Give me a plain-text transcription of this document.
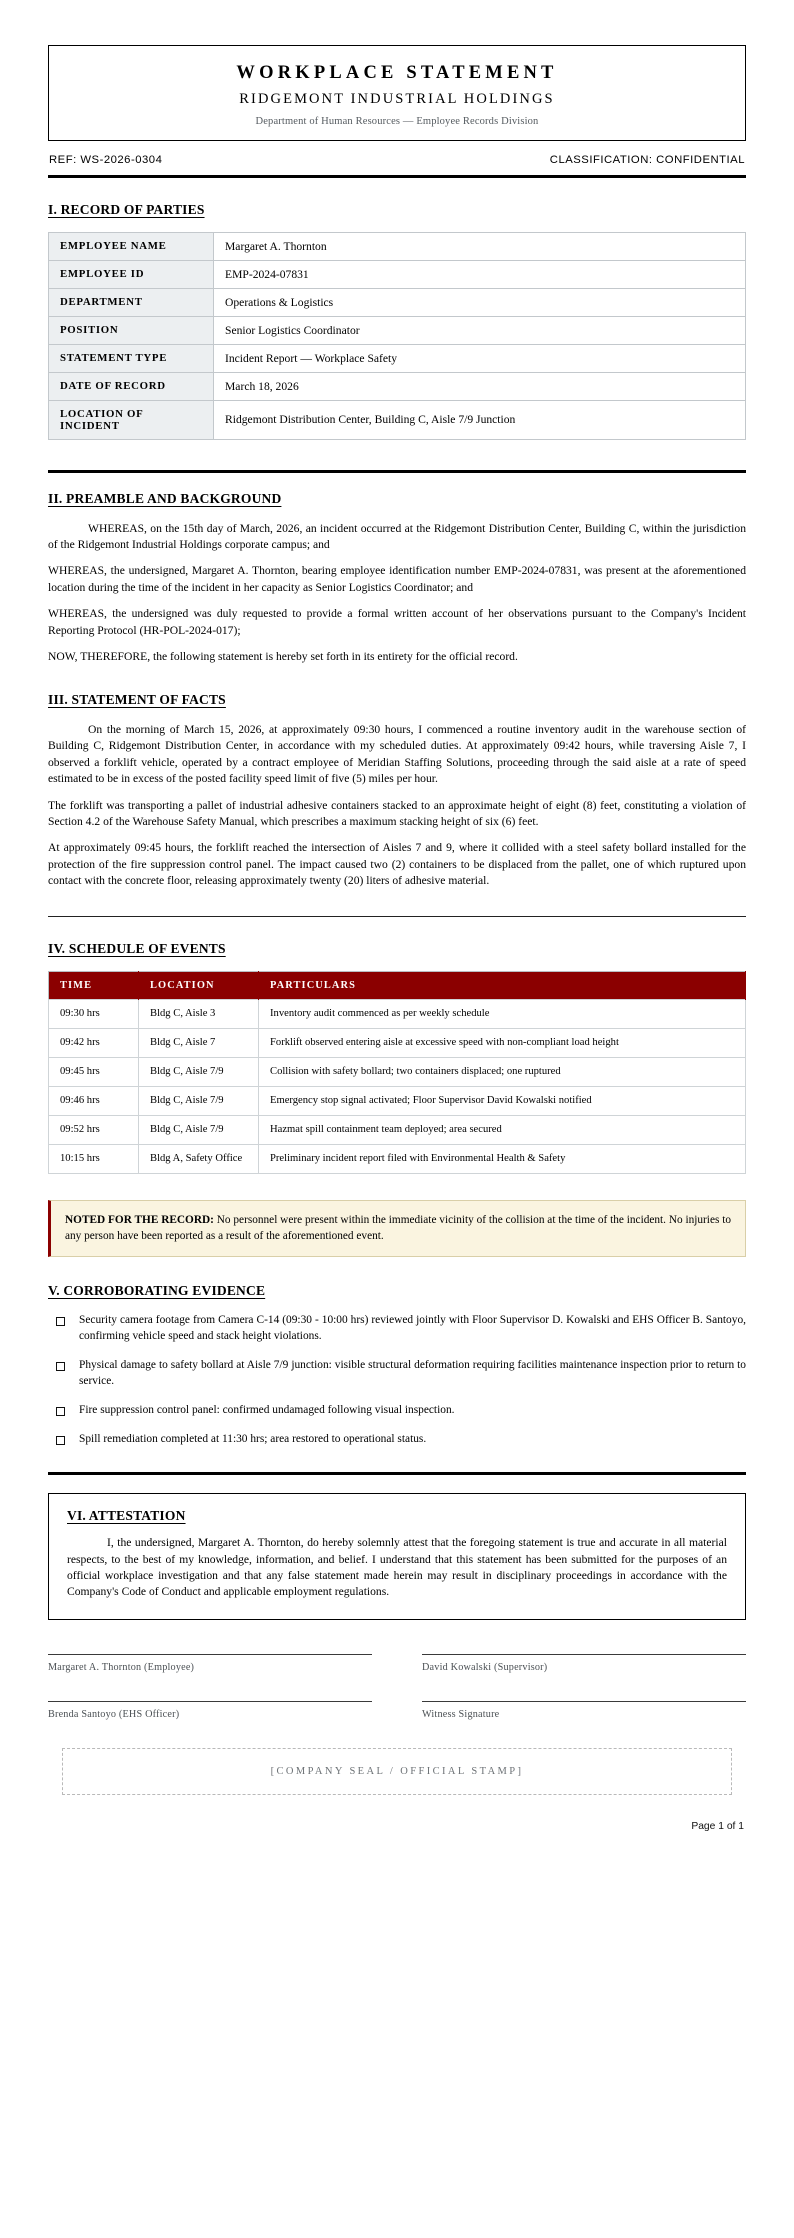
WORKPLACE STATEMENT
RIDGEMONT INDUSTRIAL HOLDINGS
Department of Human Resources — Employee Records Division
REF: WS-2026-0304	CLASSIFICATION: CONFIDENTIAL
I. RECORD OF PARTIES
EMPLOYEE NAME	Margaret A. Thornton
EMPLOYEE ID	EMP-2024-07831
DEPARTMENT	Operations & Logistics
POSITION	Senior Logistics Coordinator
STATEMENT TYPE	Incident Report — Workplace Safety
DATE OF RECORD	March 18, 2026
LOCATION OF INCIDENT	Ridgemont Distribution Center, Building C, Aisle 7/9 Junction
II. PREAMBLE AND BACKGROUND

WHEREAS, on the 15th day of March, 2026, an incident occurred at the Ridgemont Distribution Center, Building C, within the jurisdiction of the Ridgemont Industrial Holdings corporate campus; and

WHEREAS, the undersigned, Margaret A. Thornton, bearing employee identification number EMP-2024-07831, was present at the aforementioned location during the time of the incident in her capacity as Senior Logistics Coordinator; and

WHEREAS, the undersigned was duly requested to provide a formal written account of her observations pursuant to the Company's Incident Reporting Protocol (HR-POL-2024-017);

NOW, THEREFORE, the following statement is hereby set forth in its entirety for the official record.

III. STATEMENT OF FACTS

On the morning of March 15, 2026, at approximately 09:30 hours, I commenced a routine inventory audit in the warehouse section of Building C, Ridgemont Distribution Center, in accordance with my scheduled duties. At approximately 09:42 hours, while traversing Aisle 7, I observed a forklift vehicle, operated by a contract employee of Meridian Staffing Solutions, proceeding through the said aisle at a rate of speed estimated to be in excess of the posted facility speed limit of five (5) miles per hour.

The forklift was transporting a pallet of industrial adhesive containers stacked to an approximate height of eight (8) feet, constituting a violation of Section 4.2 of the Warehouse Safety Manual, which prescribes a maximum stacking height of six (6) feet.

At approximately 09:45 hours, the forklift reached the intersection of Aisles 7 and 9, where it collided with a steel safety bollard installed for the protection of the fire suppression control panel. The impact caused two (2) containers to be displaced from the pallet, one of which ruptured upon contact with the concrete floor, releasing approximately twenty (20) liters of adhesive material.

IV. SCHEDULE OF EVENTS
TIME	LOCATION	PARTICULARS
09:30 hrs	Bldg C, Aisle 3	Inventory audit commenced as per weekly schedule
09:42 hrs	Bldg C, Aisle 7	Forklift observed entering aisle at excessive speed with non-compliant load height
09:45 hrs	Bldg C, Aisle 7/9	Collision with safety bollard; two containers displaced; one ruptured
09:46 hrs	Bldg C, Aisle 7/9	Emergency stop signal activated; Floor Supervisor David Kowalski notified
09:52 hrs	Bldg C, Aisle 7/9	Hazmat spill containment team deployed; area secured
10:15 hrs	Bldg A, Safety Office	Preliminary incident report filed with Environmental Health & Safety
NOTED FOR THE RECORD: No personnel were present within the immediate vicinity of the collision at the time of the incident. No injuries to any person have been reported as a result of the aforementioned event.
V. CORROBORATING EVIDENCE
Security camera footage from Camera C-14 (09:30 - 10:00 hrs) reviewed jointly with Floor Supervisor D. Kowalski and EHS Officer B. Santoyo, confirming vehicle speed and stack height violations.
Physical damage to safety bollard at Aisle 7/9 junction: visible structural deformation requiring facilities maintenance inspection prior to return to service.
Fire suppression control panel: confirmed undamaged following visual inspection.
Spill remediation completed at 11:30 hrs; area restored to operational status.
VI. ATTESTATION

I, the undersigned, Margaret A. Thornton, do hereby solemnly attest that the foregoing statement is true and accurate in all material respects, to the best of my knowledge, information, and belief. I understand that this statement has been submitted for the purposes of an official workplace investigation and that any false statement made herein may result in disciplinary proceedings in accordance with the Company's Code of Conduct and applicable employment regulations.

Margaret A. Thornton (Employee)	David Kowalski (Supervisor)
Brenda Santoyo (EHS Officer)	Witness Signature
[COMPANY SEAL / OFFICIAL STAMP]
Page 1 of 1
